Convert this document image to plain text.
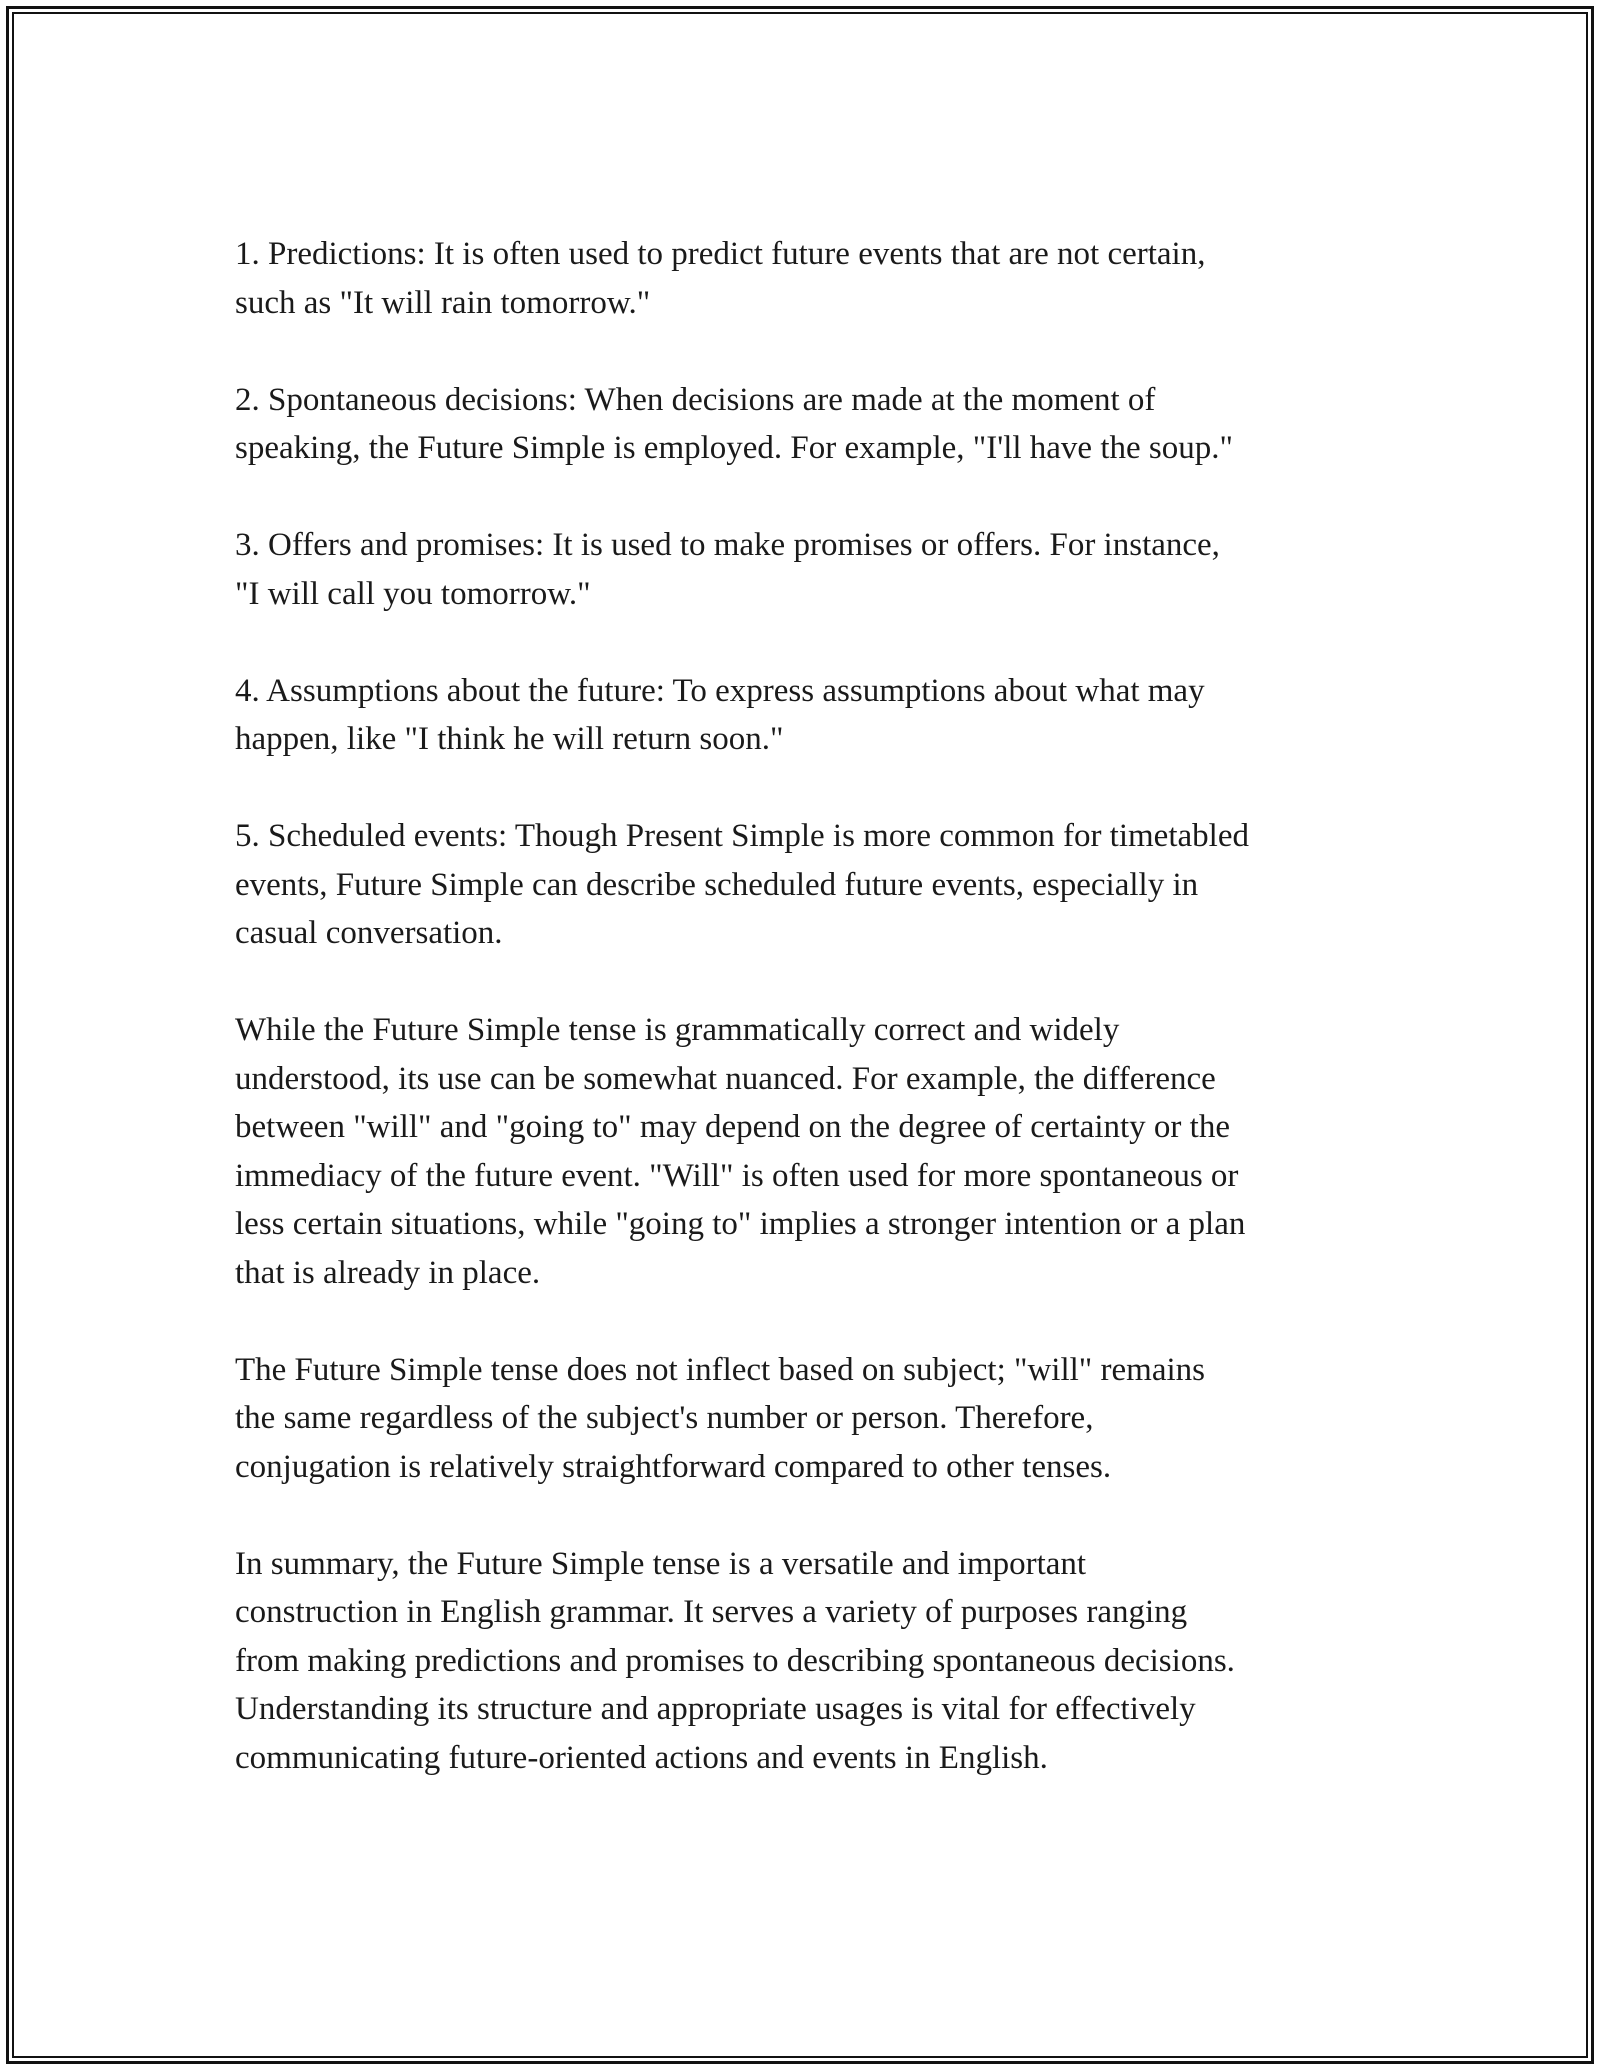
1. Predictions: It is often used to predict future events that are not certain,
such as "It will rain tomorrow."

2. Spontaneous decisions: When decisions are made at the moment of
speaking, the Future Simple is employed. For example, "I'll have the soup."

3. Offers and promises: It is used to make promises or offers. For instance,
"I will call you tomorrow."

4. Assumptions about the future: To express assumptions about what may
happen, like "I think he will return soon."

5. Scheduled events: Though Present Simple is more common for timetabled
events, Future Simple can describe scheduled future events, especially in
casual conversation.

While the Future Simple tense is grammatically correct and widely
understood, its use can be somewhat nuanced. For example, the difference
between "will" and "going to" may depend on the degree of certainty or the
immediacy of the future event. "Will" is often used for more spontaneous or
less certain situations, while "going to" implies a stronger intention or a plan
that is already in place.

The Future Simple tense does not inflect based on subject; "will" remains
the same regardless of the subject's number or person. Therefore,
conjugation is relatively straightforward compared to other tenses.

In summary, the Future Simple tense is a versatile and important
construction in English grammar. It serves a variety of purposes ranging
from making predictions and promises to describing spontaneous decisions.
Understanding its structure and appropriate usages is vital for effectively
communicating future-oriented actions and events in English.
